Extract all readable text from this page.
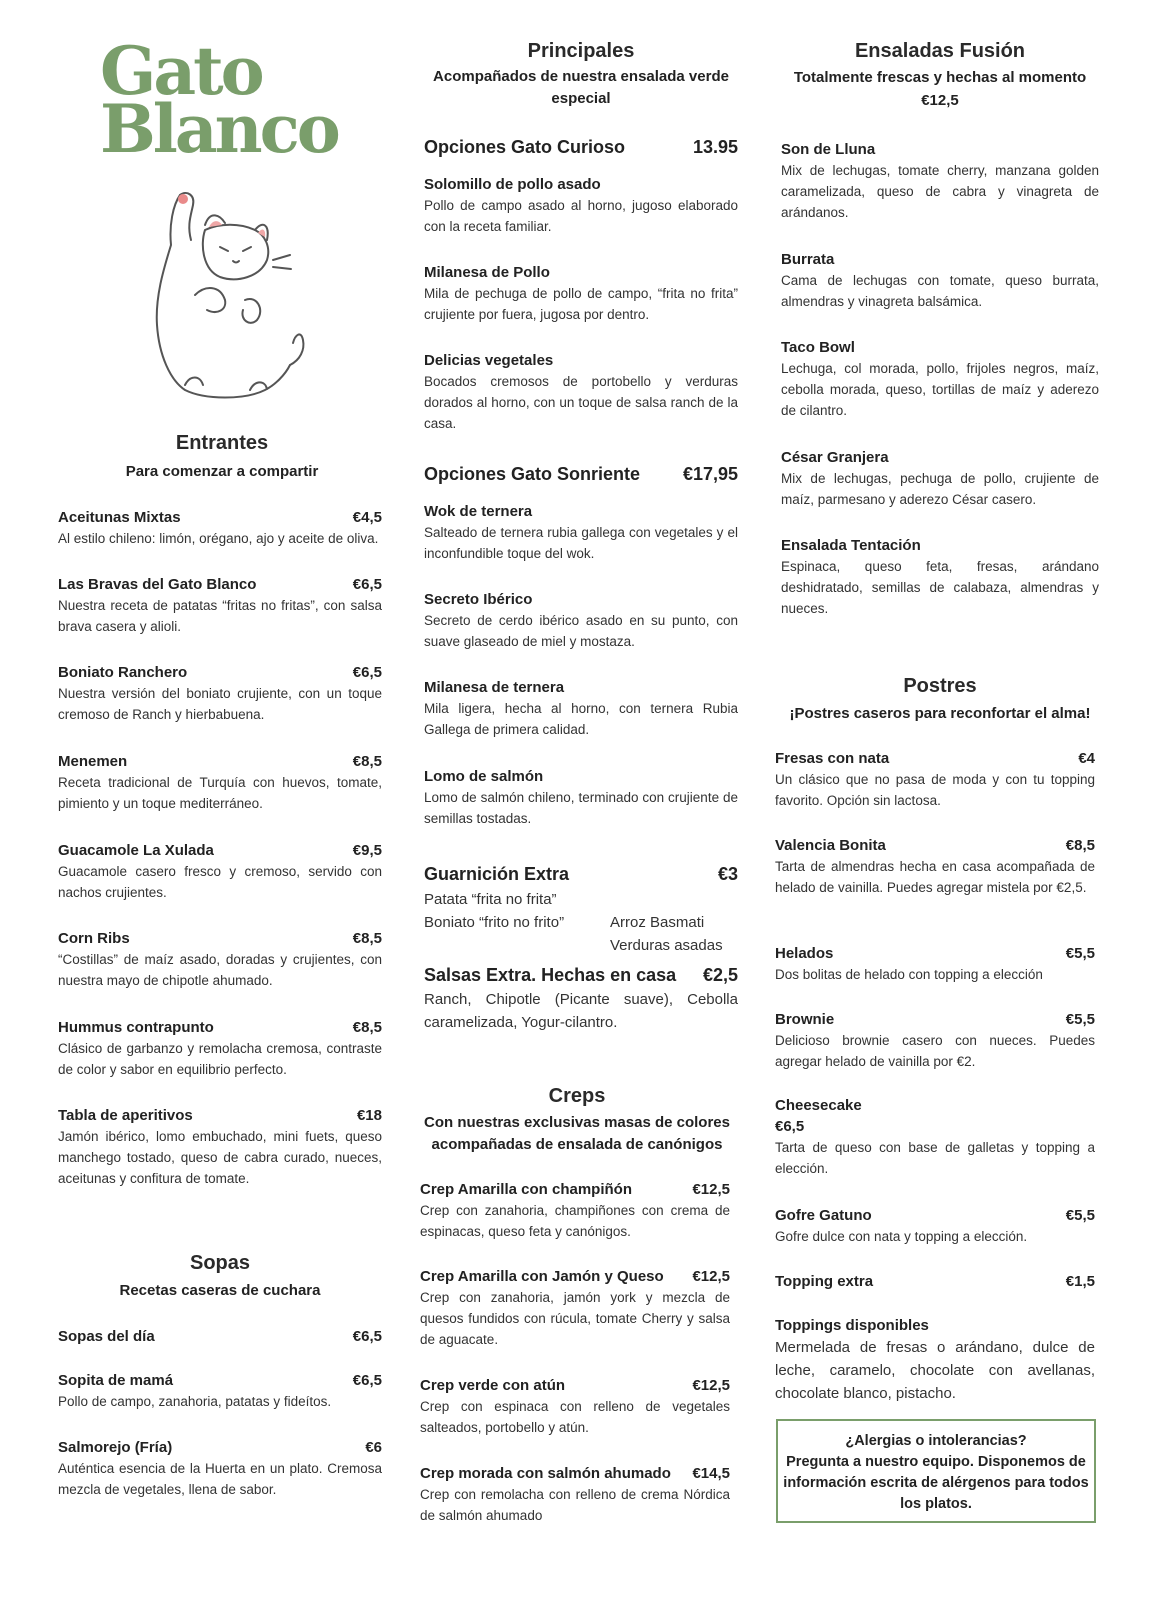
Gato
Blanco
Entrantes
Para comenzar a compartir
Aceitunas Mixtas	€4,5
Al estilo chileno: limón, orégano, ajo y aceite de oliva.
Las Bravas del Gato Blanco	€6,5
Nuestra receta de patatas “fritas no fritas”, con salsa brava casera y alioli.
Boniato Ranchero	€6,5
Nuestra versión del boniato crujiente, con un toque cremoso de Ranch y hierbabuena.
Menemen	€8,5
Receta tradicional de Turquía con huevos, tomate, pimiento y un toque mediterráneo.
Guacamole La Xulada	€9,5
Guacamole casero fresco y cremoso, servido con nachos crujientes.
Corn Ribs	€8,5
“Costillas” de maíz asado, doradas y crujientes, con nuestra mayo de chipotle ahumado.
Hummus contrapunto	€8,5
Clásico de garbanzo y remolacha cremosa, contraste de color y sabor en equilibrio perfecto.
Tabla de aperitivos	€18
Jamón ibérico, lomo embuchado, mini fuets, queso manchego tostado, queso de cabra curado, nueces, aceitunas y confitura de tomate.
Sopas
Recetas caseras de cuchara
Sopas del día	€6,5
Sopita de mamá	€6,5
Pollo de campo, zanahoria, patatas y fideítos.
Salmorejo (Fría)	€6
Auténtica esencia de la Huerta en un plato. Cremosa mezcla de vegetales, llena de sabor.
Principales
Acompañados de nuestra ensalada verde especial
Opciones Gato Curioso	13.95
Solomillo de pollo asado
Pollo de campo asado al horno, jugoso elaborado con la receta familiar.
Milanesa de Pollo
Mila de pechuga de pollo de campo, “frita no frita” crujiente por fuera, jugosa por dentro.
Delicias vegetales
Bocados cremosos de portobello y verduras dorados al horno, con un toque de salsa ranch de la casa.
Opciones Gato Sonriente €17,95
Wok de ternera
Salteado de ternera rubia gallega con vegetales y el inconfundible toque del wok.
Secreto Ibérico
Secreto de cerdo ibérico asado en su punto, con suave glaseado de miel y mostaza.
Milanesa de ternera
Mila ligera, hecha al horno, con ternera Rubia Gallega de primera calidad.
Lomo de salmón
Lomo de salmón chileno, terminado con crujiente de semillas tostadas.
Guarnición Extra	€3
Patata “frita no frita”
Boniato “frito no frito”	Arroz Basmati
Verduras asadas
Salsas Extra. Hechas en casa €2,5
Ranch, Chipotle (Picante suave), Cebolla caramelizada, Yogur-cilantro.
Creps
Con nuestras exclusivas masas de colores acompañadas de ensalada de canónigos
Crep Amarilla con champiñón	€12,5
Crep con zanahoria, champiñones con crema de espinacas, queso feta y canónigos.
Crep Amarilla con Jamón y Queso €12,5
Crep con zanahoria, jamón york y mezcla de quesos fundidos con rúcula, tomate Cherry y salsa de aguacate.
Crep verde con atún	€12,5
Crep con espinaca con relleno de vegetales salteados, portobello y atún.
Crep morada con salmón ahumado €14,5
Crep con remolacha con relleno de crema Nórdica de salmón ahumado
Ensaladas Fusión
Totalmente frescas y hechas al momento
€12,5
Son de Lluna
Mix de lechugas, tomate cherry, manzana golden caramelizada, queso de cabra y vinagreta de arándanos.
Burrata
Cama de lechugas con tomate, queso burrata, almendras y vinagreta balsámica.
Taco Bowl
Lechuga, col morada, pollo, frijoles negros, maíz, cebolla morada, queso, tortillas de maíz y aderezo de cilantro.
César Granjera
Mix de lechugas, pechuga de pollo, crujiente de maíz, parmesano y aderezo César casero.
Ensalada Tentación
Espinaca, queso feta, fresas, arándano deshidratado, semillas de calabaza, almendras y nueces.
Postres
¡Postres caseros para reconfortar el alma!
Fresas con nata	€4
Un clásico que no pasa de moda y con tu topping favorito. Opción sin lactosa.
Valencia Bonita	€8,5
Tarta de almendras hecha en casa acompañada de helado de vainilla. Puedes agregar mistela por €2,5.
Helados	€5,5
Dos bolitas de helado con topping a elección
Brownie	€5,5
Delicioso brownie casero con nueces. Puedes agregar helado de vainilla por €2.
Cheesecake
€6,5
Tarta de queso con base de galletas y topping a elección.
Gofre Gatuno	€5,5
Gofre dulce con nata y topping a elección.
Topping extra	€1,5
Toppings disponibles
Mermelada de fresas o arándano, dulce de leche, caramelo, chocolate con avellanas, chocolate blanco, pistacho.
¿Alergias o intolerancias?
Pregunta a nuestro equipo. Disponemos de información escrita de alérgenos para todos los platos.
